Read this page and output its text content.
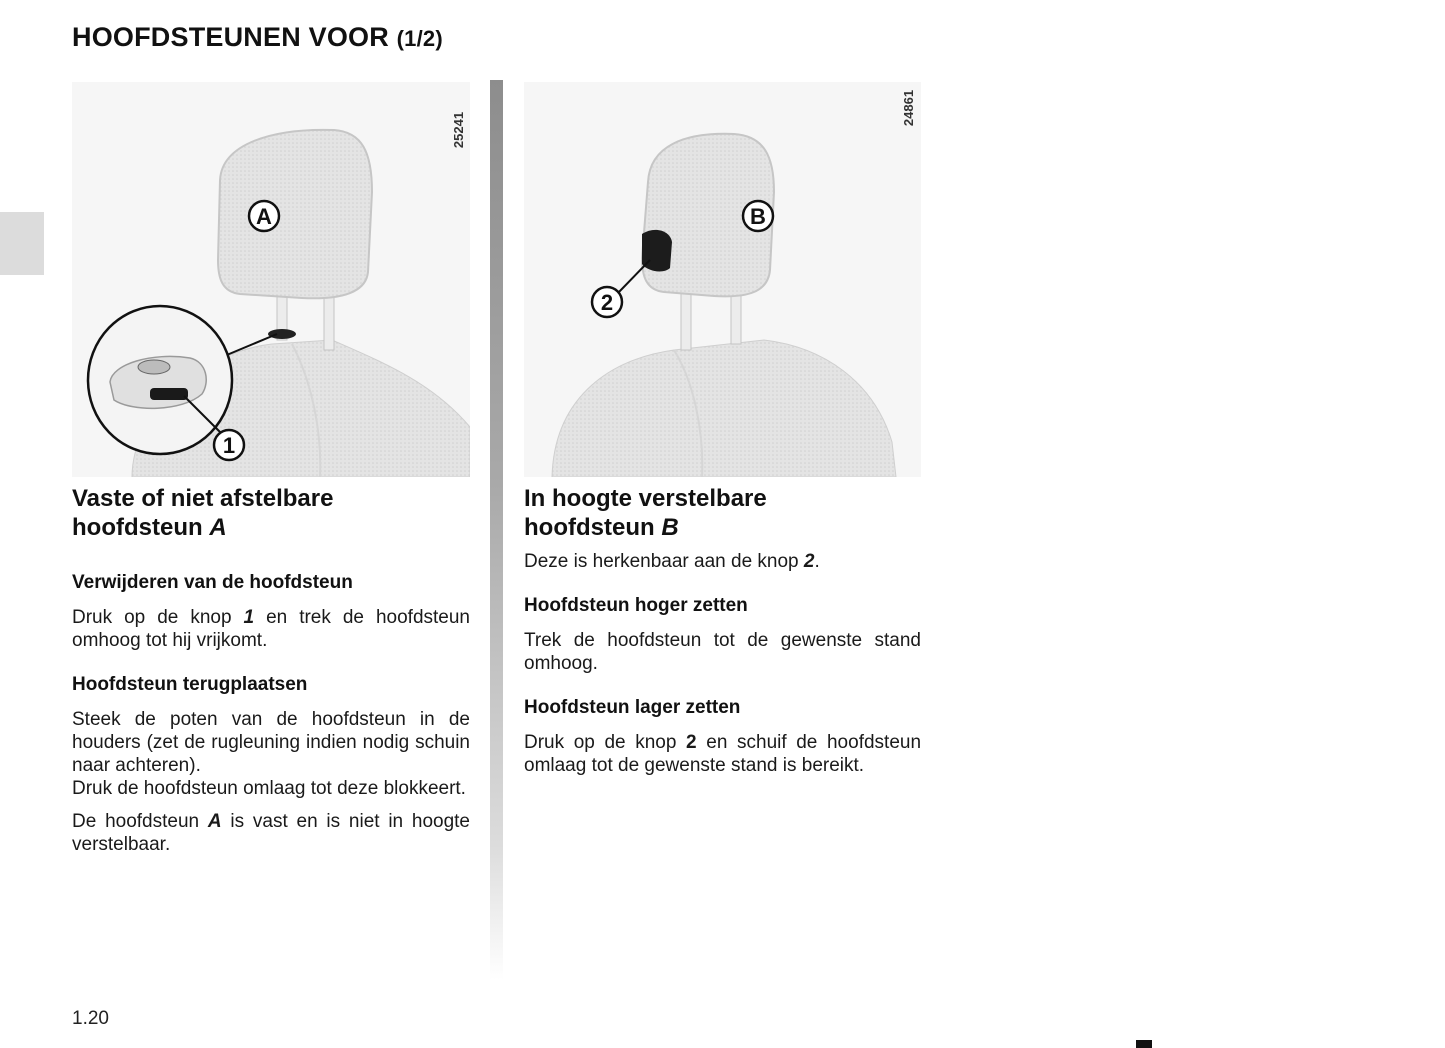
HOOFDSTEUNEN VOOR (1/2)
A
1
25241
B
2
24861
Vaste of niet afstelbare
hoofdsteun A
Verwijderen van de hoofdsteun

Druk op de knop 1 en trek de hoofdsteun omhoog tot hij vrijkomt.

Hoofdsteun terugplaatsen

Steek de poten van de hoofdsteun in de houders (zet de rugleuning indien nodig schuin naar achteren).

Druk de hoofdsteun omlaag tot deze blokkeert.

De hoofdsteun A is vast en is niet in hoogte verstelbaar.

In hoogte verstelbare
hoofdsteun B

Deze is herkenbaar aan de knop 2.

Hoofdsteun hoger zetten

Trek de hoofdsteun tot de gewenste stand omhoog.

Hoofdsteun lager zetten

Druk op de knop 2 en schuif de hoofdsteun omlaag tot de gewenste stand is bereikt.

1.20
